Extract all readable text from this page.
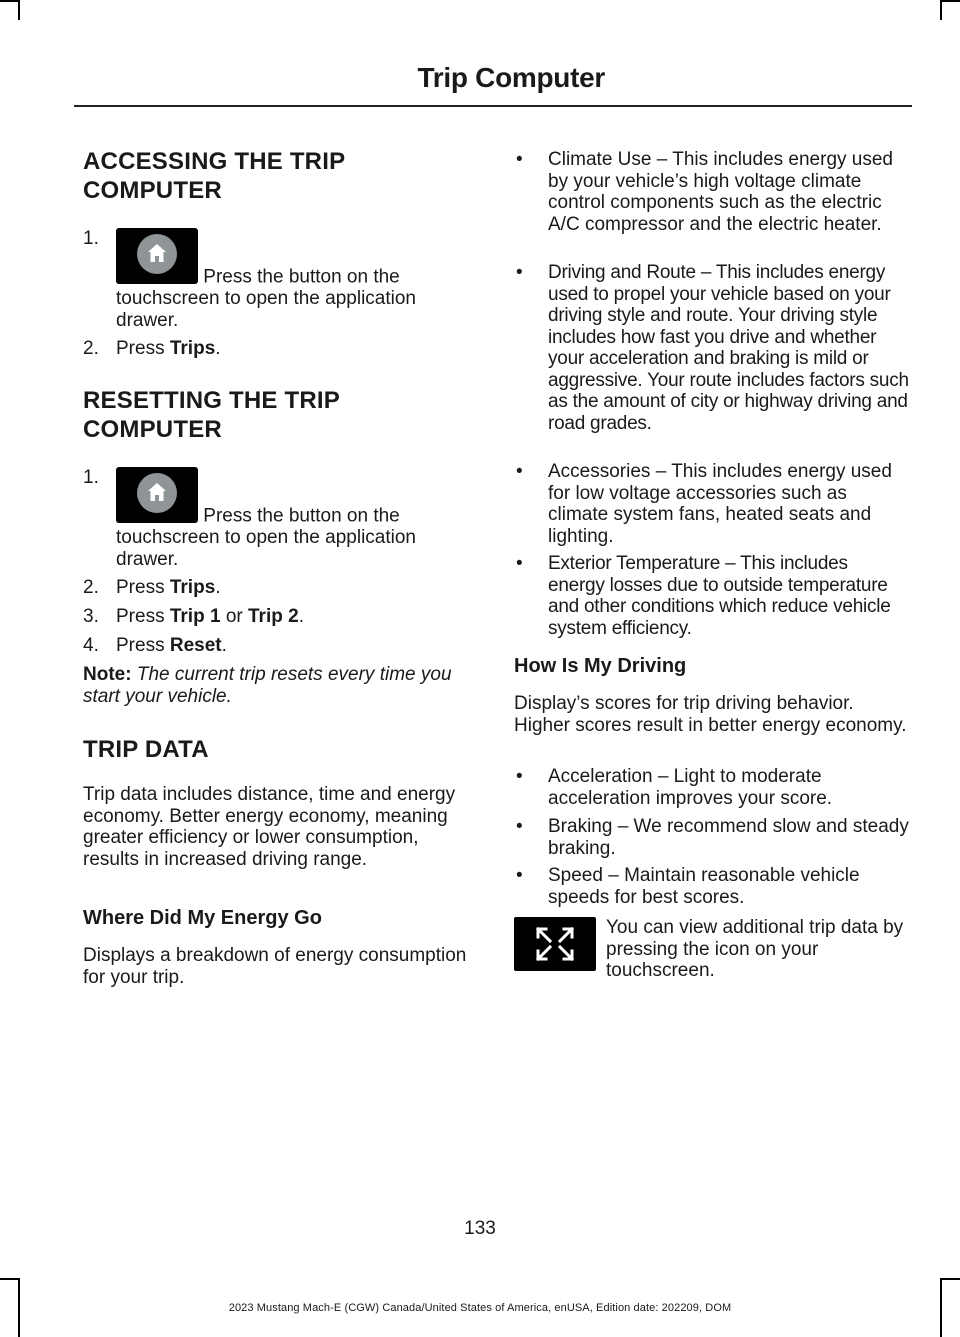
Trip Computer
ACCESSING THE TRIP COMPUTER
1.
Press the button on the touchscreen to open the application drawer.
2. Press Trips.
RESETTING THE TRIP COMPUTER
1.
Press the button on the touchscreen to open the application drawer.
2. Press Trips.
3. Press Trip 1 or Trip 2.
4. Press Reset.
Note: The current trip resets every time you start your vehicle.
TRIP DATA
Trip data includes distance, time and energy economy. Better energy economy, meaning greater efficiency or lower consumption, results in increased driving range.
Where Did My Energy Go
Displays a breakdown of energy consumption for your trip.
•	Climate Use – This includes energy used by your vehicle’s high voltage climate control components such as the electric A/C compressor and the electric heater.
•	Driving and Route – This includes energy used to propel your vehicle based on your driving style and route. Your driving style includes how fast you drive and whether your acceleration and braking is mild or aggressive. Your route includes factors such as the amount of city or highway driving and road grades.
•	Accessories – This includes energy used for low voltage accessories such as climate system fans, heated seats and lighting.
•	Exterior Temperature – This includes energy losses due to outside temperature and other conditions which reduce vehicle system efficiency.
How Is My Driving
Display’s scores for trip driving behavior. Higher scores result in better energy economy.
•	Acceleration – Light to moderate acceleration improves your score.
•	Braking – We recommend slow and steady braking.
•	Speed – Maintain reasonable vehicle speeds for best scores.
You can view additional trip data by pressing the icon on your touchscreen.
133
2023 Mustang Mach-E (CGW) Canada/United States of America, enUSA, Edition date: 202209, DOM
